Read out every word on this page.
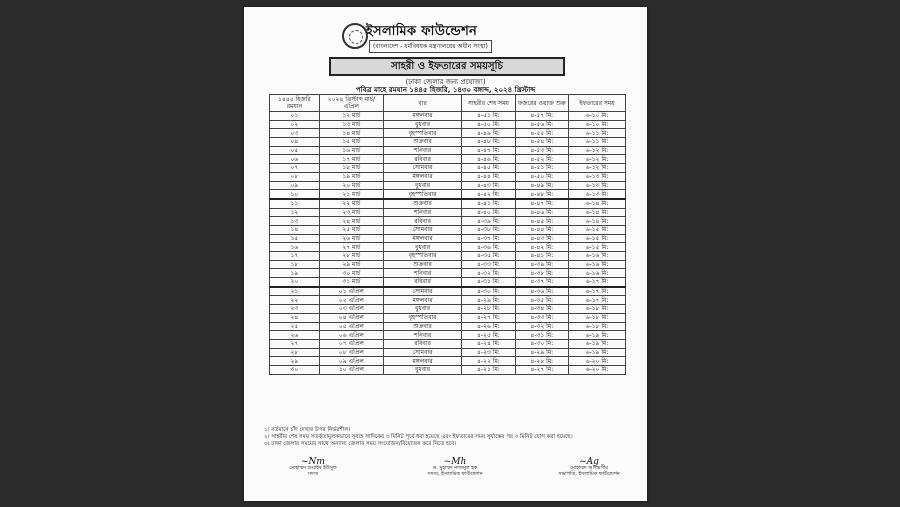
ইসলামিক ফাউন্ডেশন
(বাংলাদেশ - ধর্মবিষয়ক মন্ত্রণালয়ের অধীন সংস্থা)
সাহরী ও ইফতারের সময়সূচি
(ঢাকা জেলার জন্য প্রযোজ্য)
পবিত্র মাহে রমযান ১৪৪৫ হিজরি, ১৪৩০ বঙ্গাব্দ, ২০২৪ খ্রিস্টাব্দ
১৪৪৫ হিজরি রমযান	২০২৪ খ্রিস্টাব্দ মার্চ/এপ্রিল	বার	সাহরীর শেষ সময়	ফজরের ওয়াক্ত শুরু	ইফতারের সময়
০১	১২ মার্চ	মঙ্গলবার	৪-৫১ মি:	৪-৫৭ মি:	৬-১০ মি:
০২	১৩ মার্চ	বুধবার	৪-৫০ মি:	৪-৫৬ মি:	৬-১০ মি:
০৩	১৪ মার্চ	বৃহস্পতিবার	৪-৪৯ মি:	৪-৫৫ মি:	৬-১১ মি:
০৪	১৫ মার্চ	শুক্রবার	৪-৪৮ মি:	৪-৫৪ মি:	৬-১১ মি:
০৫	১৬ মার্চ	শনিবার	৪-৪৭ মি:	৪-৫৩ মি:	৬-১২ মি:
০৬	১৭ মার্চ	রবিবার	৪-৪৬ মি:	৪-৫২ মি:	৬-১২ মি:
০৭	১৮ মার্চ	সোমবার	৪-৪৫ মি:	৪-৫১ মি:	৬-১২ মি:
০৮	১৯ মার্চ	মঙ্গলবার	৪-৪৪ মি:	৪-৫০ মি:	৬-১৩ মি:
০৯	২০ মার্চ	বুধবার	৪-৪৩ মি:	৪-৪৯ মি:	৬-১৩ মি:
১০	২১ মার্চ	বৃহস্পতিবার	৪-৪২ মি:	৪-৪৮ মি:	৬-১৩ মি:
১১	২২ মার্চ	শুক্রবার	৪-৪১ মি:	৪-৪৭ মি:	৬-১৪ মি:
১২	২৩ মার্চ	শনিবার	৪-৪০ মি:	৪-৪৬ মি:	৬-১৪ মি:
১৩	২৪ মার্চ	রবিবার	৪-৩৯ মি:	৪-৪৫ মি:	৬-১৪ মি:
১৪	২৫ মার্চ	সোমবার	৪-৩৮ মি:	৪-৪৪ মি:	৬-১৫ মি:
১৫	২৬ মার্চ	মঙ্গলবার	৪-৩৭ মি:	৪-৪৩ মি:	৬-১৫ মি:
১৬	২৭ মার্চ	বুধবার	৪-৩৬ মি:	৪-৪২ মি:	৬-১৫ মি:
১৭	২৮ মার্চ	বৃহস্পতিবার	৪-৩৫ মি:	৪-৪১ মি:	৬-১৬ মি:
১৮	২৯ মার্চ	শুক্রবার	৪-৩৩ মি:	৪-৩৯ মি:	৬-১৬ মি:
১৯	৩০ মার্চ	শনিবার	৪-৩২ মি:	৪-৩৮ মি:	৬-১৬ মি:
২০	৩১ মার্চ	রবিবার	৪-৩১ মি:	৪-৩৭ মি:	৬-১৭ মি:
২১	০১ এপ্রিল	সোমবার	৪-৩০ মি:	৪-৩৬ মি:	৬-১৭ মি:
২২	০২ এপ্রিল	মঙ্গলবার	৪-২৯ মি:	৪-৩৫ মি:	৬-১৭ মি:
২৩	০৩ এপ্রিল	বুধবার	৪-২৮ মি:	৪-৩৪ মি:	৬-১৮ মি:
২৪	০৪ এপ্রিল	বৃহস্পতিবার	৪-২৭ মি:	৪-৩৩ মি:	৬-১৮ মি:
২৫	০৫ এপ্রিল	শুক্রবার	৪-২৬ মি:	৪-৩২ মি:	৬-১৮ মি:
২৬	০৬ এপ্রিল	শনিবার	৪-২৫ মি:	৪-৩১ মি:	৬-১৯ মি:
২৭	০৭ এপ্রিল	রবিবার	৪-২৪ মি:	৪-৩০ মি:	৬-১৯ মি:
২৮	০৮ এপ্রিল	সোমবার	৪-২৩ মি:	৪-২৯ মি:	৬-১৯ মি:
২৯	০৯ এপ্রিল	মঙ্গলবার	৪-২২ মি:	৪-২৮ মি:	৬-২০ মি:
৩০	১০ এপ্রিল	বুধবার	৪-২১ মি:	৪-২৭ মি:	৬-২০ মি:
১। বর্তমানে চাঁদ দেখার উপর নির্ভরশীল।
২। সাহরীর শেষ সময় সতর্কতামূলকভাবে সুবহে সাদিকের ৩ মিনিট পূর্বে ধরা হয়েছে এবং ইফতারের সময় সূর্যাস্তের পর ৩ মিনিট যোগ করা হয়েছে।
৩। ঢাকা জেলার সময়ের সাথে অন্যান্য জেলার সময় সংযোজন/বিয়োজন করে নিতে হবে।
~Nm
মোহাম্মদ শুয়াইব ইউসুফ
সদস্য
~Mh
ড. মুহাম্মদ নাজমুল হক
সদস্য, ইসলামিক ফাউন্ডেশন
~Ag
মোহাম্মদ আলমগীর
সভাপতি, ইসলামিক ফাউন্ডেশন
